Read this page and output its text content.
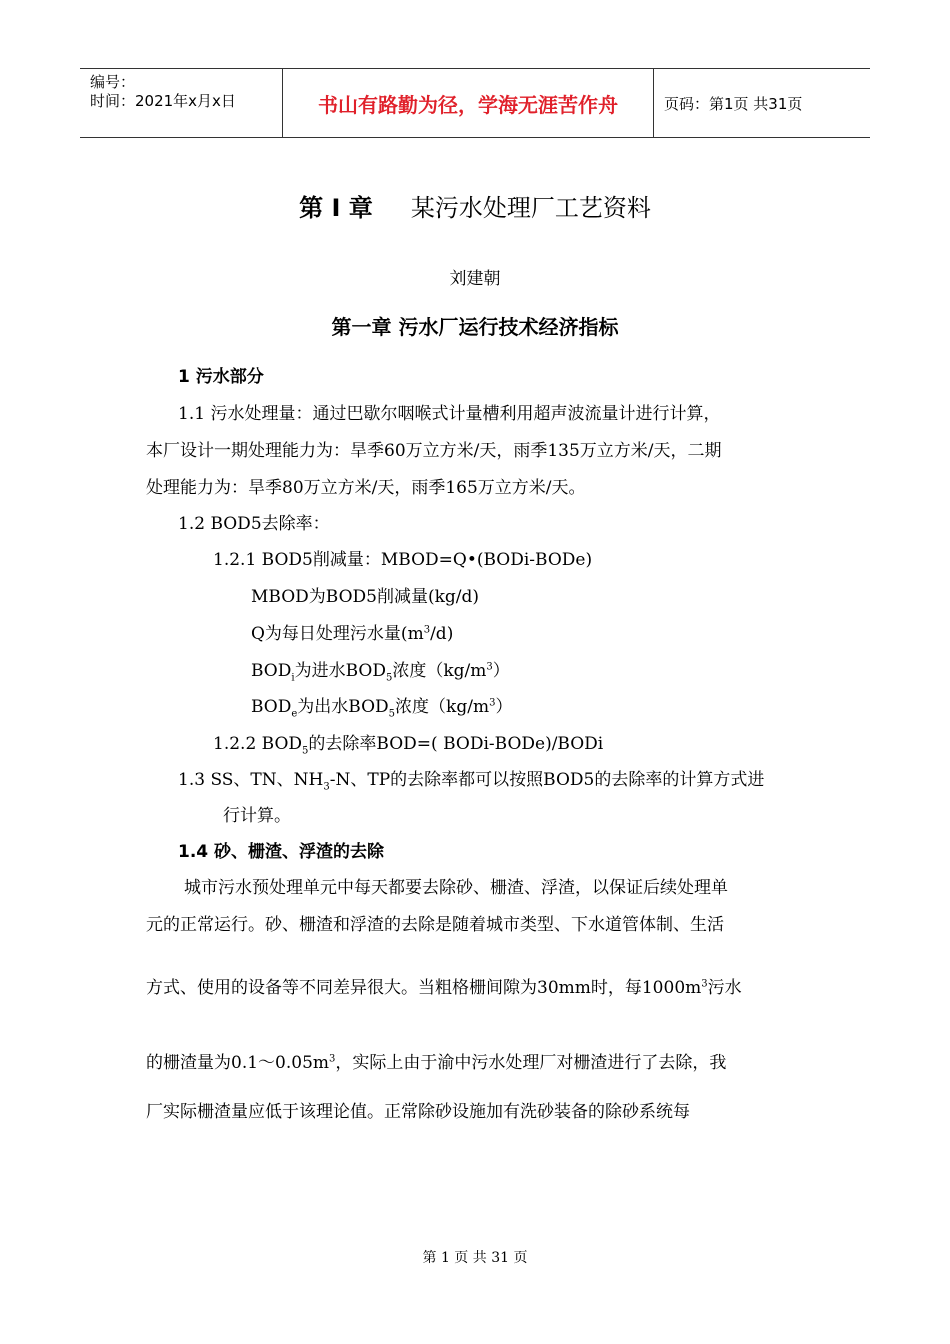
编号：
时间：2021年x月x日	书山有路勤为径，学海无涯苦作舟	页码：第1页 共31页
第 I 章 某污水处理厂工艺资料
刘建朝
第一章 污水厂运行技术经济指标
1 污水部分
1.1 污水处理量：通过巴歇尔咽喉式计量槽利用超声波流量计进行计算，
本厂设计一期处理能力为：旱季60万立方米/天，雨季135万立方米/天，二期
处理能力为：旱季80万立方米/天，雨季165万立方米/天。
1.2 BOD5去除率：
1.2.1 BOD5削减量：MBOD=Q•(BODi-BODe)
MBOD为BOD5削减量(kg/d)
Q为每日处理污水量$(m^3/d)$
$BOD_i$为进水$BOD_5$浓度$(kg/m^3)$
$BOD_e$为出水$BOD_5$浓度$(kg/m^3)$
1.2.2 $BOD_5$的去除率BOD=( BODi-BODe)/BODi
1.3 SS、TN、$NH_3-N$、TP的去除率都可以按照BOD5的去除率的计算方式进
行计算。
1.4 砂、栅渣、浮渣的去除
城市污水预处理单元中每天都要去除砂、栅渣、浮渣，以保证后续处理单
元的正常运行。砂、栅渣和浮渣的去除是随着城市类型、下水道管体制、生活
方式、使用的设备等不同差异很大。当粗格栅间隙为30mm时，每$1000m^3$污水
的栅渣量为$0.1\sim 0.05m^3$，实际上由于渝中污水处理厂对栅渣进行了去除，我
厂实际栅渣量应低于该理论值。正常除砂设施加有洗砂装备的除砂系统每
第 1 页 共 31 页
